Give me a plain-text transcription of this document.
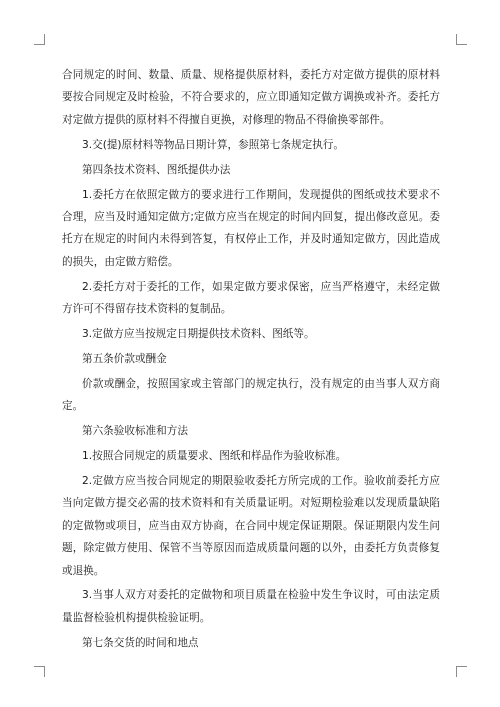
合同规定的时间、数量、质量、规格提供原材料，委托方对定做方提供的原材料要按合同规定及时检验，不符合要求的，应立即通知定做方调换或补齐。委托方对定做方提供的原材料不得擅自更换，对修理的物品不得偷换零部件。

3.交(提)原材料等物品日期计算，参照第七条规定执行。

第四条技术资料、图纸提供办法

1.委托方在依照定做方的要求进行工作期间，发现提供的图纸或技术要求不合理，应当及时通知定做方;定做方应当在规定的时间内回复，提出修改意见。委托方在规定的时间内未得到答复，有权停止工作，并及时通知定做方，因此造成的损失，由定做方赔偿。

2.委托方对于委托的工作，如果定做方要求保密，应当严格遵守，未经定做方许可不得留存技术资料的复制品。

3.定做方应当按规定日期提供技术资料、图纸等。

第五条价款或酬金

价款或酬金，按照国家或主管部门的规定执行，没有规定的由当事人双方商定。

第六条验收标准和方法

1.按照合同规定的质量要求、图纸和样品作为验收标准。

2.定做方应当按合同规定的期限验收委托方所完成的工作。验收前委托方应当向定做方提交必需的技术资料和有关质量证明。对短期检验难以发现质量缺陷的定做物或项目，应当由双方协商，在合同中规定保证期限。保证期限内发生问题，除定做方使用、保管不当等原因而造成质量问题的以外，由委托方负责修复或退换。

3.当事人双方对委托的定做物和项目质量在检验中发生争议时，可由法定质量监督检验机构提供检验证明。

第七条交货的时间和地点
